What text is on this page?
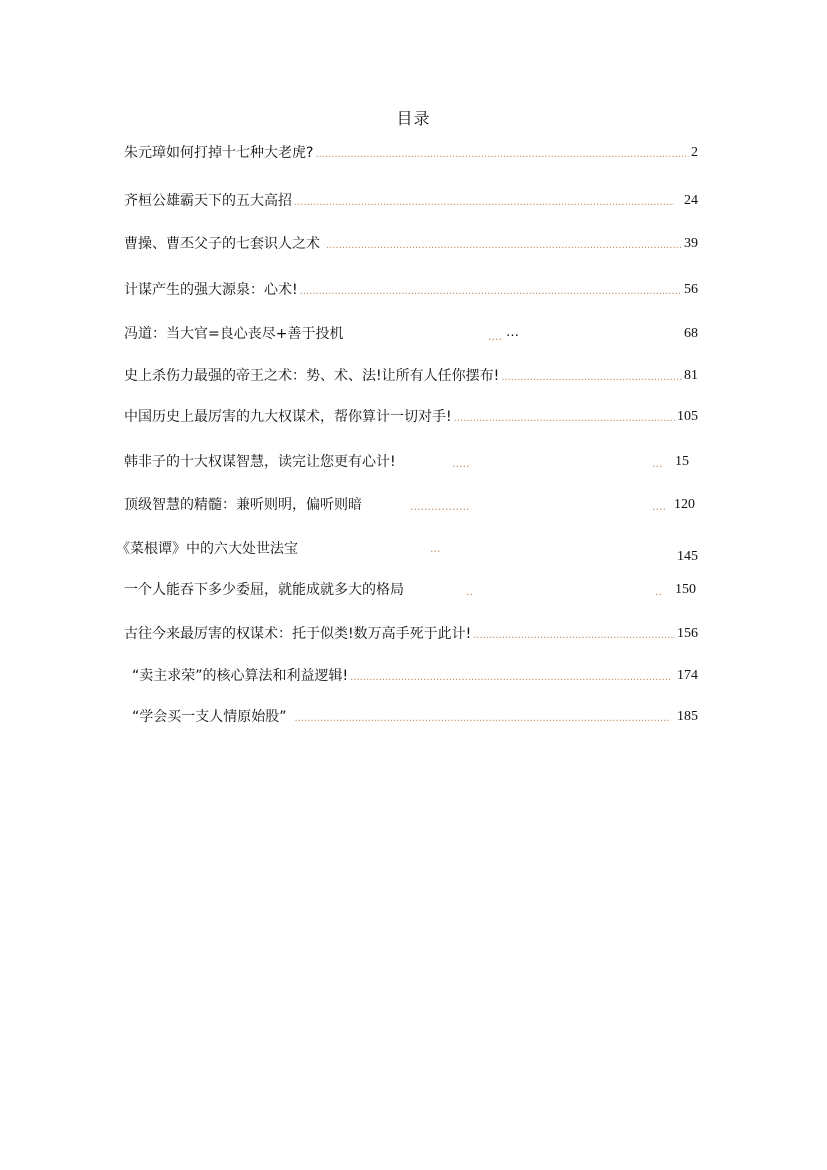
目录
朱元璋如何打掉十七种大老虎? .....	2
齐桓公雄霸天下的五大高招 .....	24
曹操、曹丕父子的七套识人之术 .....	39
计谋产生的强大源泉：心术! .....	56
冯道：当大官=良心丧尽+善于投机	68
.... …
史上杀伤力最强的帝王之术：势、术、法!让所有人任你摆布! .....	81
中国历史上最厉害的九大权谋术，帮你算计一切对手! .....	105
韩非子的十大权谋智慧，读完让您更有心计!	15
.....	...
顶级智慧的精髓：兼听则明，偏听则暗	120
.................	....
《菜根谭》中的六大处世法宝	145
...
一个人能吞下多少委屈，就能成就多大的格局	150
..	..
古往今来最厉害的权谋术：托于似类!数万高手死于此计! .....	156
“卖主求荣”的核心算法和利益逻辑! .....	174
“学会买一支人情原始股” .....	185
